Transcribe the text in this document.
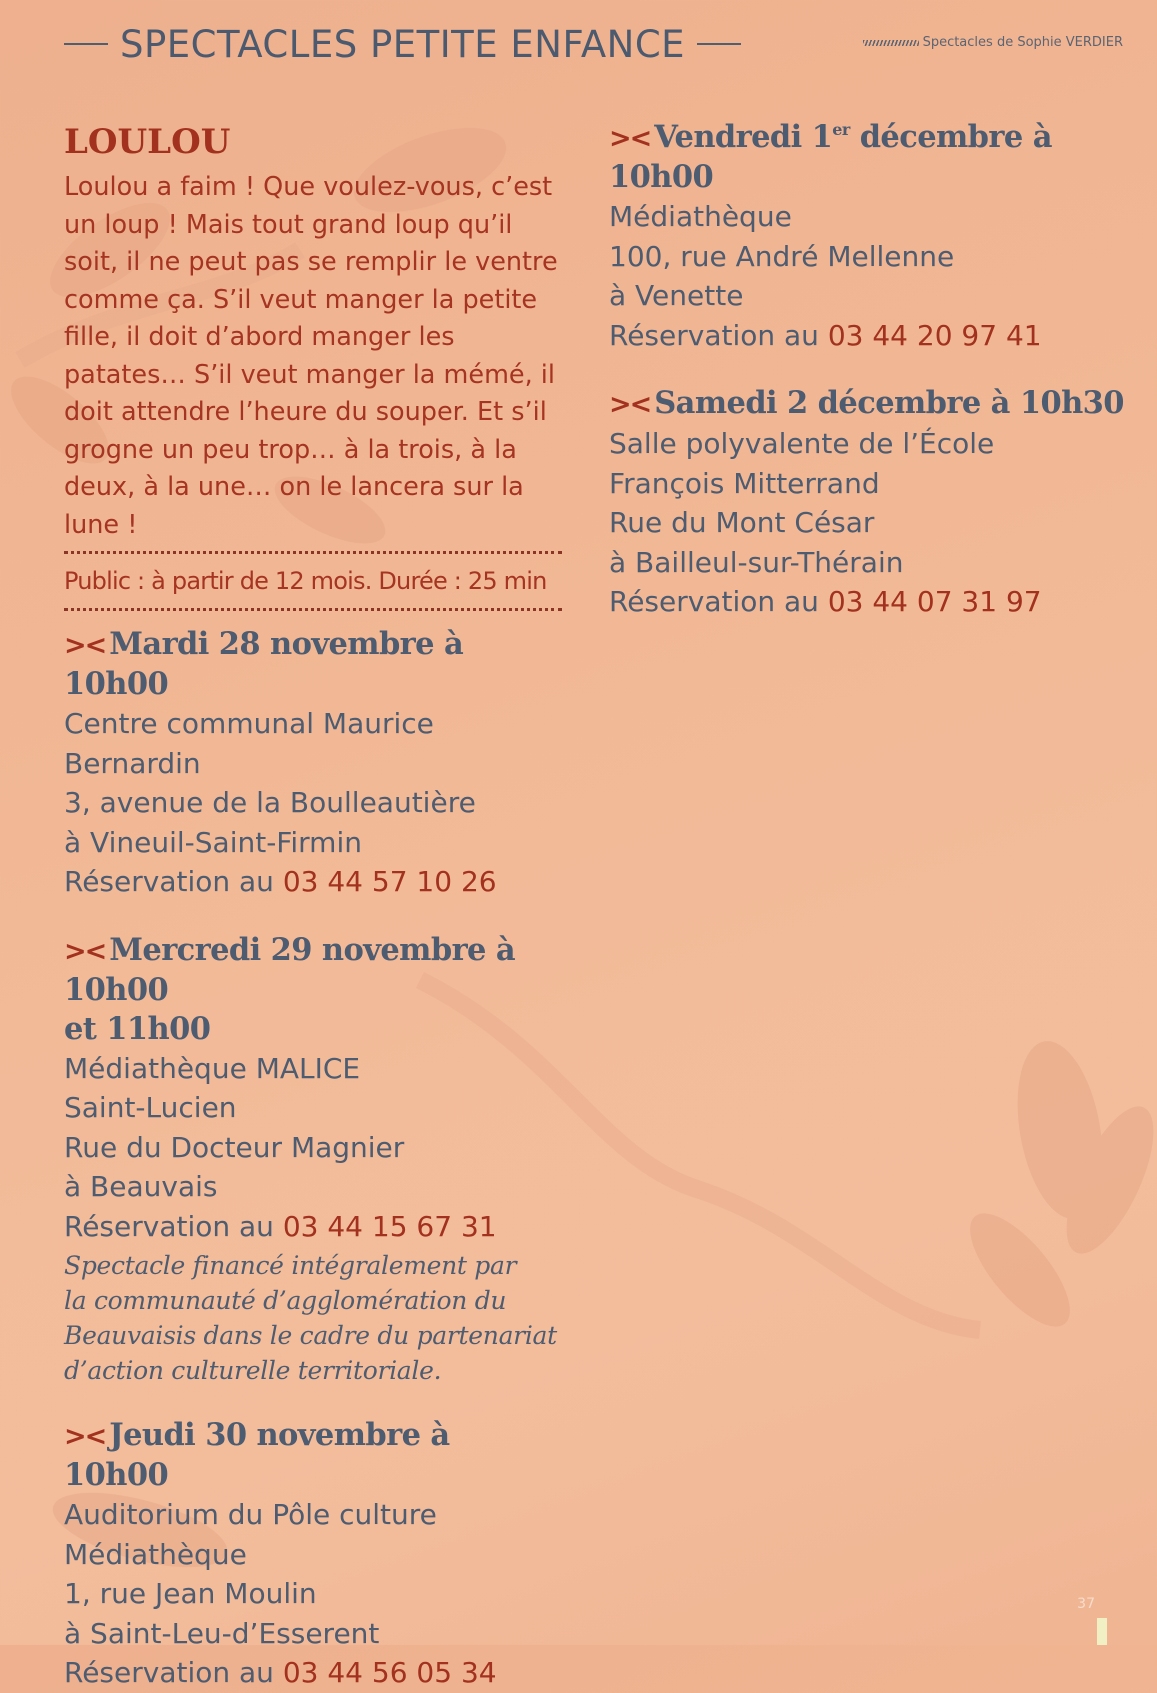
SPECTACLES PETITE ENFANCE	Spectacles de Sophie VERDIER
LOULOU

Loulou a faim ! Que voulez-vous, c’est un loup ! Mais tout grand loup qu’il soit, il ne peut pas se remplir le ventre comme ça. S’il veut manger la petite fille, il doit d’abord manger les patates… S’il veut manger la mémé, il doit attendre l’heure du souper. Et s’il grogne un peu trop… à la trois, à la deux, à la une… on le lancera sur la lune !

Public : à partir de 12 mois. Durée : 25 min

>< Mardi 28 novembre à 10h00

Centre communal Maurice

Bernardin

3, avenue de la Boulleautière

à Vineuil-Saint-Firmin

Réservation au 03 44 57 10 26

>< Mercredi 29 novembre à 10h00

et 11h00

Médiathèque MALICE

Saint-Lucien

Rue du Docteur Magnier

à Beauvais

Réservation au 03 44 15 67 31

Spectacle financé intégralement par
la communauté d’agglomération du
Beauvaisis dans le cadre du partenariat
d’action culturelle territoriale.

>< Jeudi 30 novembre à 10h00

Auditorium du Pôle culture

Médiathèque

1, rue Jean Moulin

à Saint-Leu-d’Esserent

Réservation au 03 44 56 05 34

>< Vendredi 1er décembre à 10h00

Médiathèque

100, rue André Mellenne

à Venette

Réservation au 03 44 20 97 41

>< Samedi 2 décembre à 10h30

Salle polyvalente de l’École

François Mitterrand

Rue du Mont César

à Bailleul-sur-Thérain

Réservation au 03 44 07 31 97

37
